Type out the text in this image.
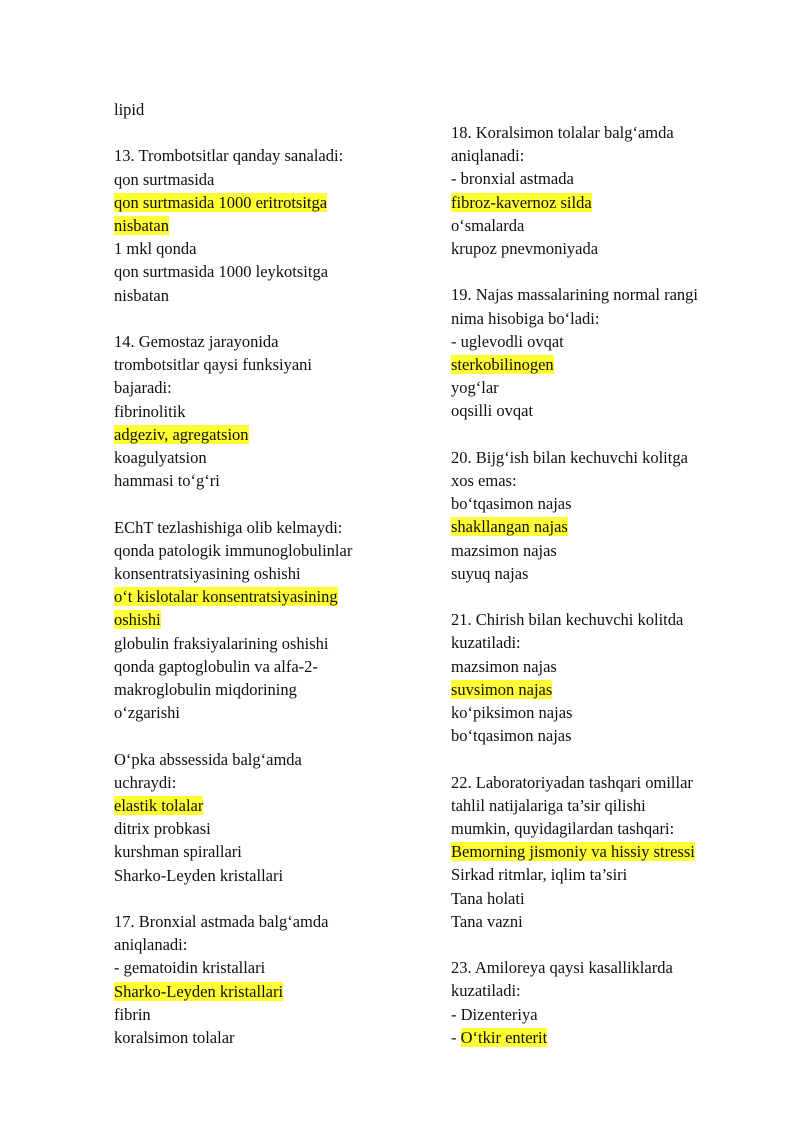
lipid
13. Trombotsitlar qanday sanaladi:
qon surtmasida
qon surtmasida 1000 eritrotsitga
nisbatan
1 mkl qonda
qon surtmasida 1000 leykotsitga
nisbatan
14. Gemostaz jarayonida
trombotsitlar qaysi funksiyani
bajaradi:
fibrinolitik
adgeziv, agregatsion
koagulyatsion
hammasi to‘g‘ri
EChT tezlashishiga olib kelmaydi:
qonda patologik immunoglobulinlar
konsentratsiyasining oshishi
o‘t kislotalar konsentratsiyasining
oshishi
globulin fraksiyalarining oshishi
qonda gaptoglobulin va alfa-2-
makroglobulin miqdorining
o‘zgarishi
O‘pka abssessida balg‘amda
uchraydi:
elastik tolalar
ditrix probkasi
kurshman spirallari
Sharko-Leyden kristallari
17. Bronxial astmada balg‘amda
aniqlanadi:
- gematoidin kristallari
Sharko-Leyden kristallari
fibrin
koralsimon tolalar
18. Koralsimon tolalar balg‘amda
aniqlanadi:
- bronxial astmada
fibroz-kavernoz silda
o‘smalarda
krupoz pnevmoniyada
19. Najas massalarining normal rangi
nima hisobiga bo‘ladi:
- uglevodli ovqat
sterkobilinogen
yog‘lar
oqsilli ovqat
20. Bijg‘ish bilan kechuvchi kolitga
xos emas:
bo‘tqasimon najas
shakllangan najas
mazsimon najas
suyuq najas
21. Chirish bilan kechuvchi kolitda
kuzatiladi:
mazsimon najas
suvsimon najas
ko‘piksimon najas
bo‘tqasimon najas
22. Laboratoriyadan tashqari omillar
tahlil natijalariga ta’sir qilishi
mumkin, quyidagilardan tashqari:
Bemorning jismoniy va hissiy stressi
Sirkad ritmlar, iqlim ta’siri
Tana holati
Tana vazni
23. Amiloreya qaysi kasalliklarda
kuzatiladi:
- Dizenteriya
- O‘tkir enterit
